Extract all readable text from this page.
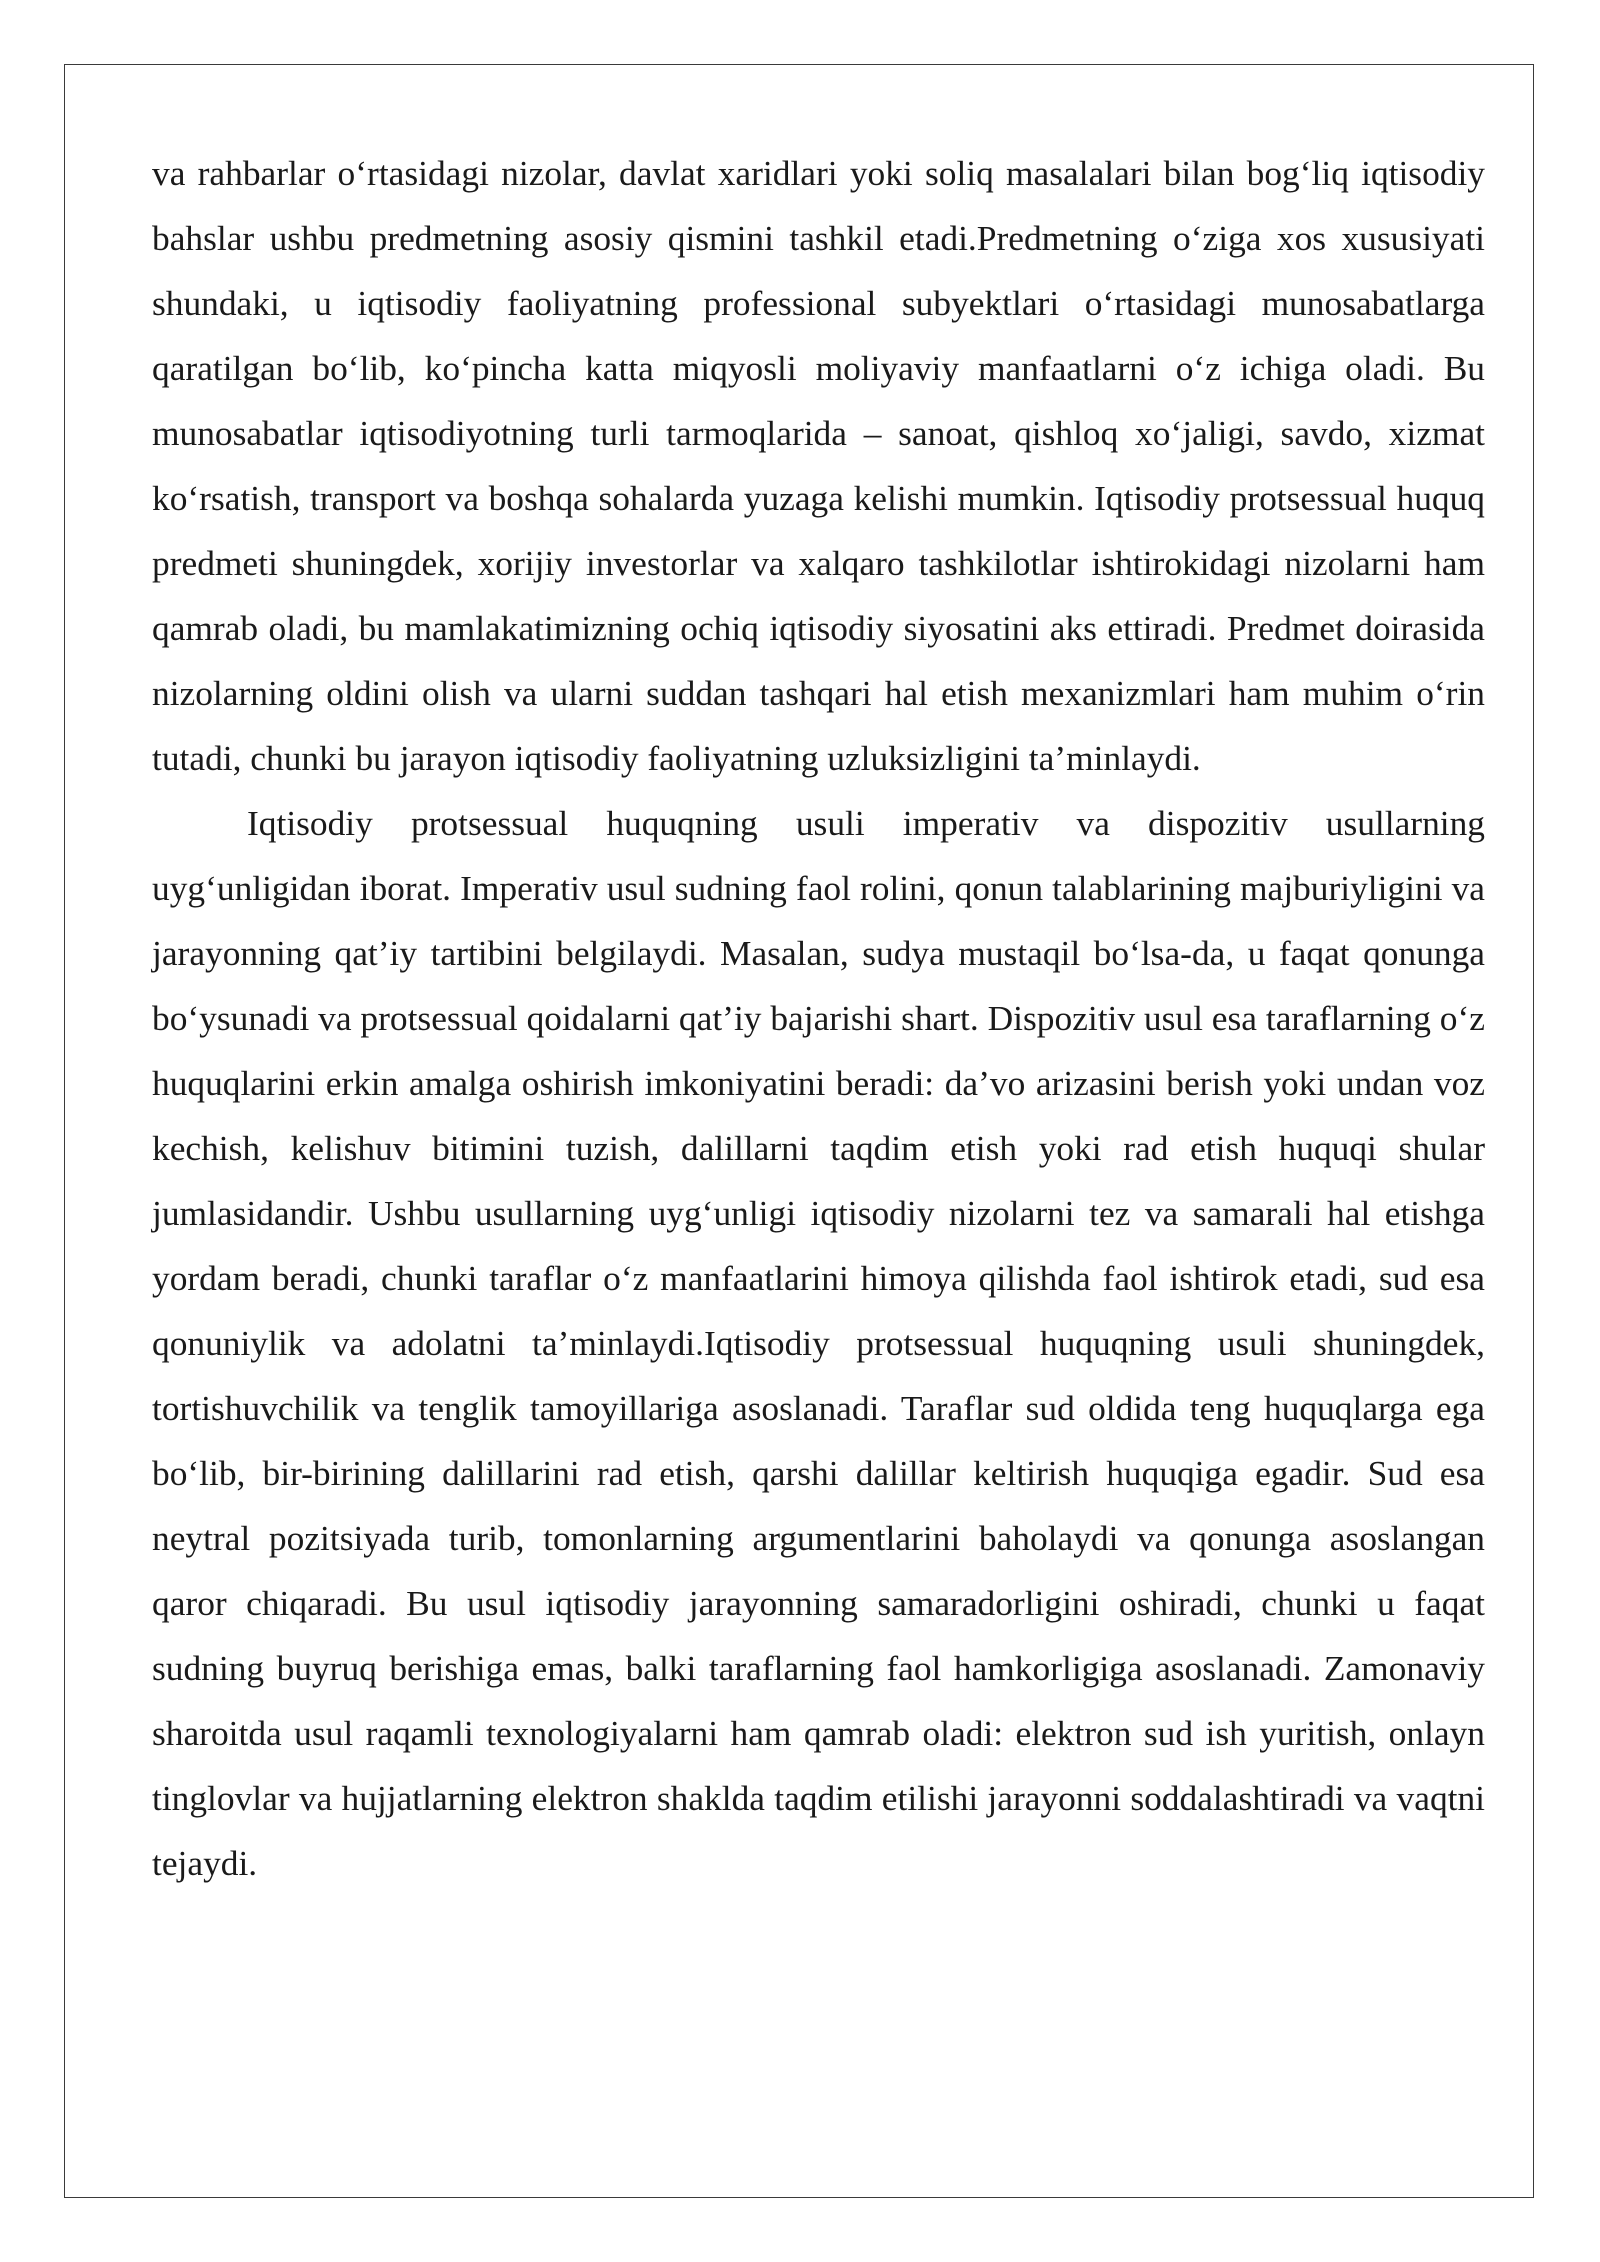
va rahbarlar o‘rtasidagi nizolar, davlat xaridlari yoki soliq masalalari bilan bog‘liq iqtisodiy bahslar ushbu predmetning asosiy qismini tashkil etadi.Predmetning o‘ziga xos xususiyati shundaki, u iqtisodiy faoliyatning professional subyektlari o‘rtasidagi munosabatlarga qaratilgan bo‘lib, ko‘pincha katta miqyosli moliyaviy manfaatlarni o‘z ichiga oladi. Bu munosabatlar iqtisodiyotning turli tarmoqlarida – sanoat, qishloq xo‘jaligi, savdo, xizmat ko‘rsatish, transport va boshqa sohalarda yuzaga kelishi mumkin. Iqtisodiy protsessual huquq predmeti shuningdek, xorijiy investorlar va xalqaro tashkilotlar ishtirokidagi nizolarni ham qamrab oladi, bu mamlakatimizning ochiq iqtisodiy siyosatini aks ettiradi. Predmet doirasida nizolarning oldini olish va ularni suddan tashqari hal etish mexanizmlari ham muhim o‘rin tutadi, chunki bu jarayon iqtisodiy faoliyatning uzluksizligini ta’minlaydi.

Iqtisodiy protsessual huquqning usuli imperativ va dispozitiv usullarning uyg‘unligidan iborat. Imperativ usul sudning faol rolini, qonun talablarining majburiyligini va jarayonning qat’iy tartibini belgilaydi. Masalan, sudya mustaqil bo‘lsa-da, u faqat qonunga bo‘ysunadi va protsessual qoidalarni qat’iy bajarishi shart. Dispozitiv usul esa taraflarning o‘z huquqlarini erkin amalga oshirish imkoniyatini beradi: da’vo arizasini berish yoki undan voz kechish, kelishuv bitimini tuzish, dalillarni taqdim etish yoki rad etish huquqi shular jumlasidandir. Ushbu usullarning uyg‘unligi iqtisodiy nizolarni tez va samarali hal etishga yordam beradi, chunki taraflar o‘z manfaatlarini himoya qilishda faol ishtirok etadi, sud esa qonuniylik va adolatni ta’minlaydi.Iqtisodiy protsessual huquqning usuli shuningdek, tortishuvchilik va tenglik tamoyillariga asoslanadi. Taraflar sud oldida teng huquqlarga ega bo‘lib, bir-birining dalillarini rad etish, qarshi dalillar keltirish huquqiga egadir. Sud esa neytral pozitsiyada turib, tomonlarning argumentlarini baholaydi va qonunga asoslangan qaror chiqaradi. Bu usul iqtisodiy jarayonning samaradorligini oshiradi, chunki u faqat sudning buyruq berishiga emas, balki taraflarning faol hamkorligiga asoslanadi. Zamonaviy sharoitda usul raqamli texnologiyalarni ham qamrab oladi: elektron sud ish yuritish, onlayn tinglovlar va hujjatlarning elektron shaklda taqdim etilishi jarayonni soddalashtiradi va vaqtni tejaydi.
